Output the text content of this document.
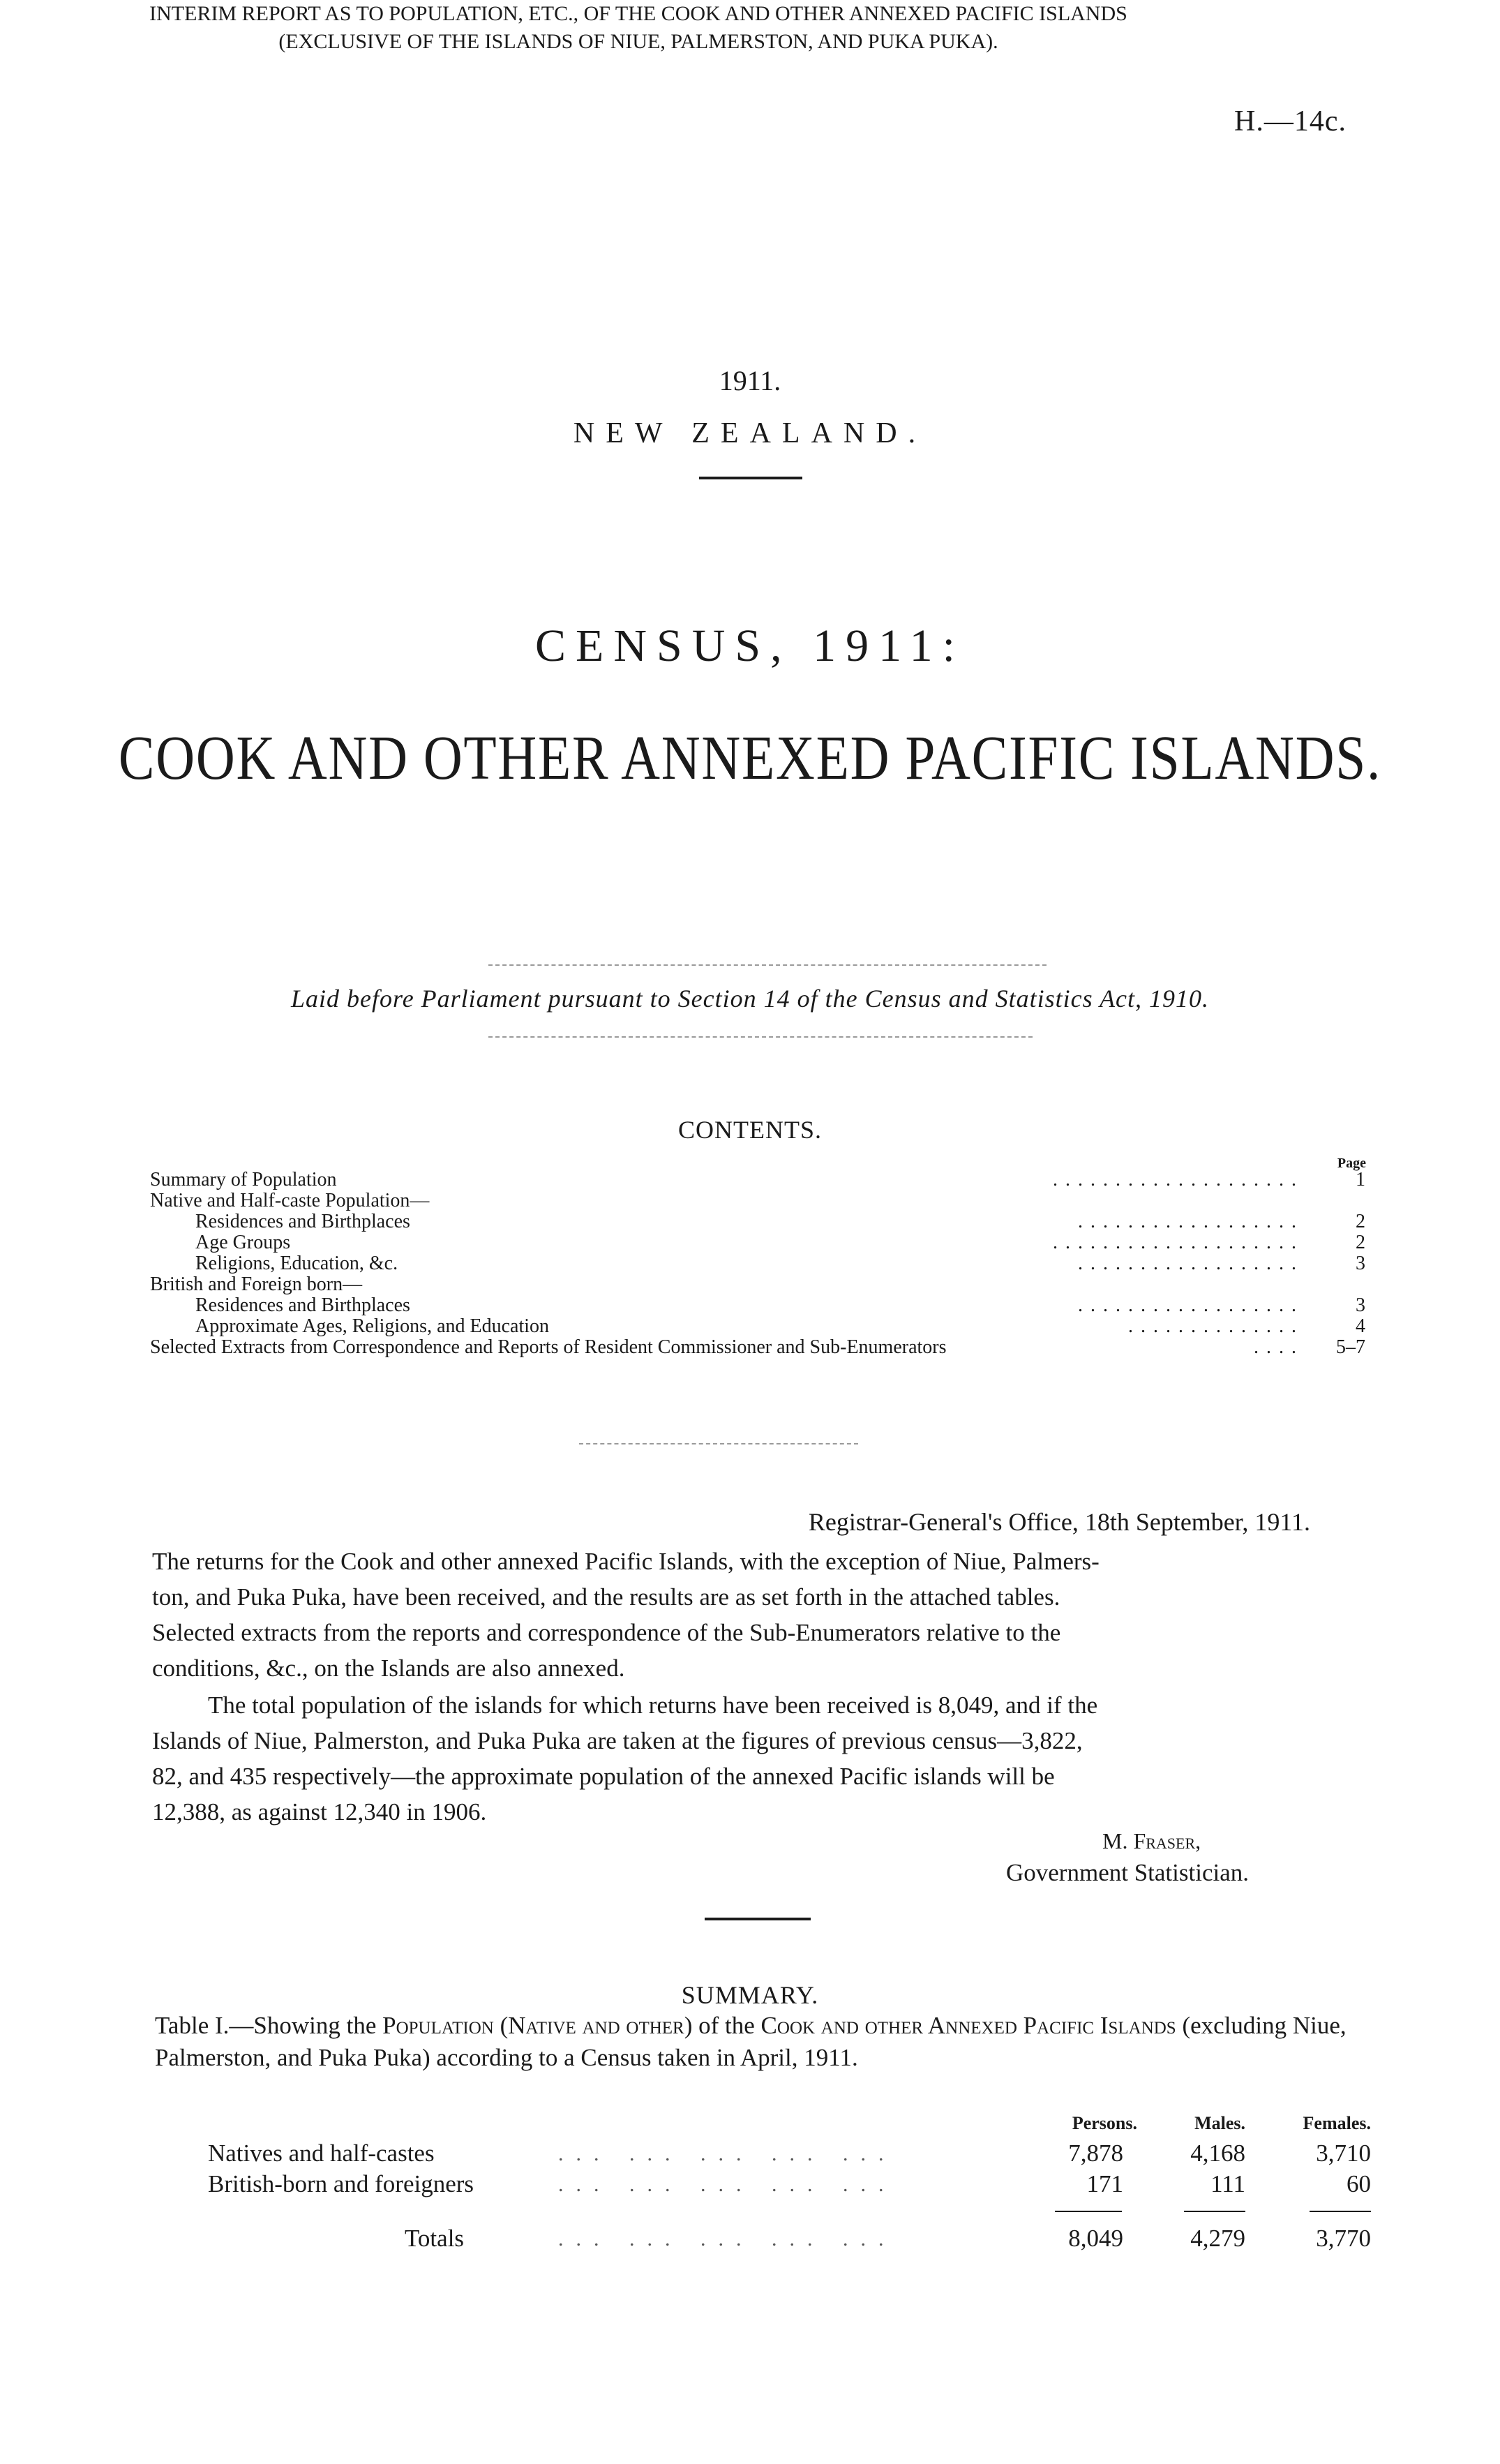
H.—14c.
1911.
NEW ZEALAND.
CENSUS, 1911:
COOK AND OTHER ANNEXED PACIFIC ISLANDS.
INTERIM REPORT AS TO POPULATION, ETC., OF THE COOK AND OTHER ANNEXED PACIFIC ISLANDS
(EXCLUSIVE OF THE ISLANDS OF NIUE, PALMERSTON, AND PUKA PUKA).
Laid before Parliament pursuant to Section 14 of the Census and Statistics Act, 1910.
CONTENTS.
Page
Summary of Population	. . . . . . . . . . . . . . . . . . . .	1
Native and Half-caste Population—
Residences and Birthplaces	. . . . . . . . . . . . . . . . . .	2
Age Groups	. . . . . . . . . . . . . . . . . . . .	2
Religions, Education, &c.	. . . . . . . . . . . . . . . . . .	3
British and Foreign born—
Residences and Birthplaces	. . . . . . . . . . . . . . . . . .	3
Approximate Ages, Religions, and Education	. . . . . . . . . . . . . .	4
Selected Extracts from Correspondence and Reports of Resident Commissioner and Sub-Enumerators	. . . . 5–7
Registrar-General's Office, 18th September, 1911.
The returns for the Cook and other annexed Pacific Islands, with the exception of Niue, Palmers-
ton, and Puka Puka, have been received, and the results are as set forth in the attached tables.
Selected extracts from the reports and correspondence of the Sub-Enumerators relative to the
conditions, &c., on the Islands are also annexed.
The total population of the islands for which returns have been received is 8,049, and if the
Islands of Niue, Palmerston, and Puka Puka are taken at the figures of previous census—3,822,
82, and 435 respectively—the approximate population of the annexed Pacific islands will be
12,388, as against 12,340 in 1906.
M. Fraser,
Government Statistician.
SUMMARY.
Table I.—Showing the Population (Native and other) of the Cook and other Annexed Pacific Islands (excluding Niue, Palmerston, and Puka Puka) according to a Census taken in April, 1911.
Persons.	Males.	Females.
Natives and half-castes	... ... ... ... ...	7,878	4,168	3,710
British-born and foreigners	... ... ... ... ...	171	111	60
Totals	... ... ... ... ...	8,049	4,279	3,770
